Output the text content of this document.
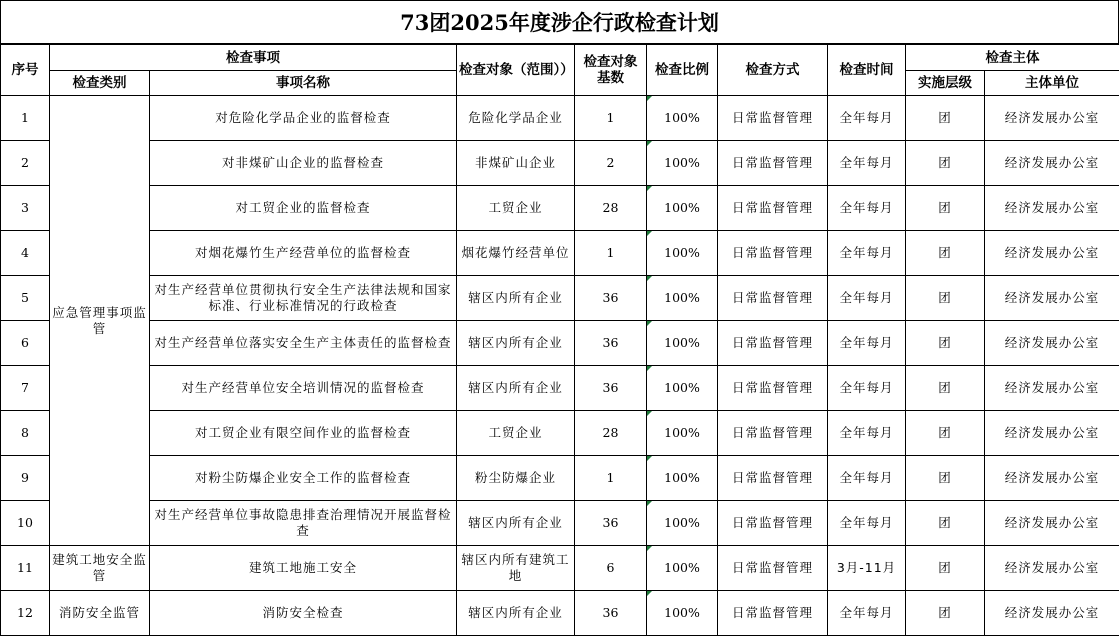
73团2025年度涉企行政检查计划
序号	检查事项		检查对象（范围））	检查对象基数	检查比例	检查方式	检查时间	检查主体	
	检查类别	事项名称						实施层级	主体单位
1	应急管理事项监管	对危险化学品企业的监督检查	危险化学品企业	1	100%	日常监督管理	全年每月	团	经济发展办公室
2		对非煤矿山企业的监督检查	非煤矿山企业	2	100%	日常监督管理	全年每月	团	经济发展办公室
3		对工贸企业的监督检查	工贸企业	28	100%	日常监督管理	全年每月	团	经济发展办公室
4		对烟花爆竹生产经营单位的监督检查	烟花爆竹经营单位	1	100%	日常监督管理	全年每月	团	经济发展办公室
5		对生产经营单位贯彻执行安全生产法律法规和国家标准、行业标准情况的行政检查	辖区内所有企业	36	100%	日常监督管理	全年每月	团	经济发展办公室
6		对生产经营单位落实安全生产主体责任的监督检查	辖区内所有企业	36	100%	日常监督管理	全年每月	团	经济发展办公室
7		对生产经营单位安全培训情况的监督检查	辖区内所有企业	36	100%	日常监督管理	全年每月	团	经济发展办公室
8		对工贸企业有限空间作业的监督检查	工贸企业	28	100%	日常监督管理	全年每月	团	经济发展办公室
9		对粉尘防爆企业安全工作的监督检查	粉尘防爆企业	1	100%	日常监督管理	全年每月	团	经济发展办公室
10		对生产经营单位事故隐患排查治理情况开展监督检查	辖区内所有企业	36	100%	日常监督管理	全年每月	团	经济发展办公室
11	建筑工地安全监管	建筑工地施工安全	辖区内所有建筑工地	6	100%	日常监督管理	3月-11月	团	经济发展办公室
12	消防安全监管	消防安全检查	辖区内所有企业	36	100%	日常监督管理	全年每月	团	经济发展办公室
